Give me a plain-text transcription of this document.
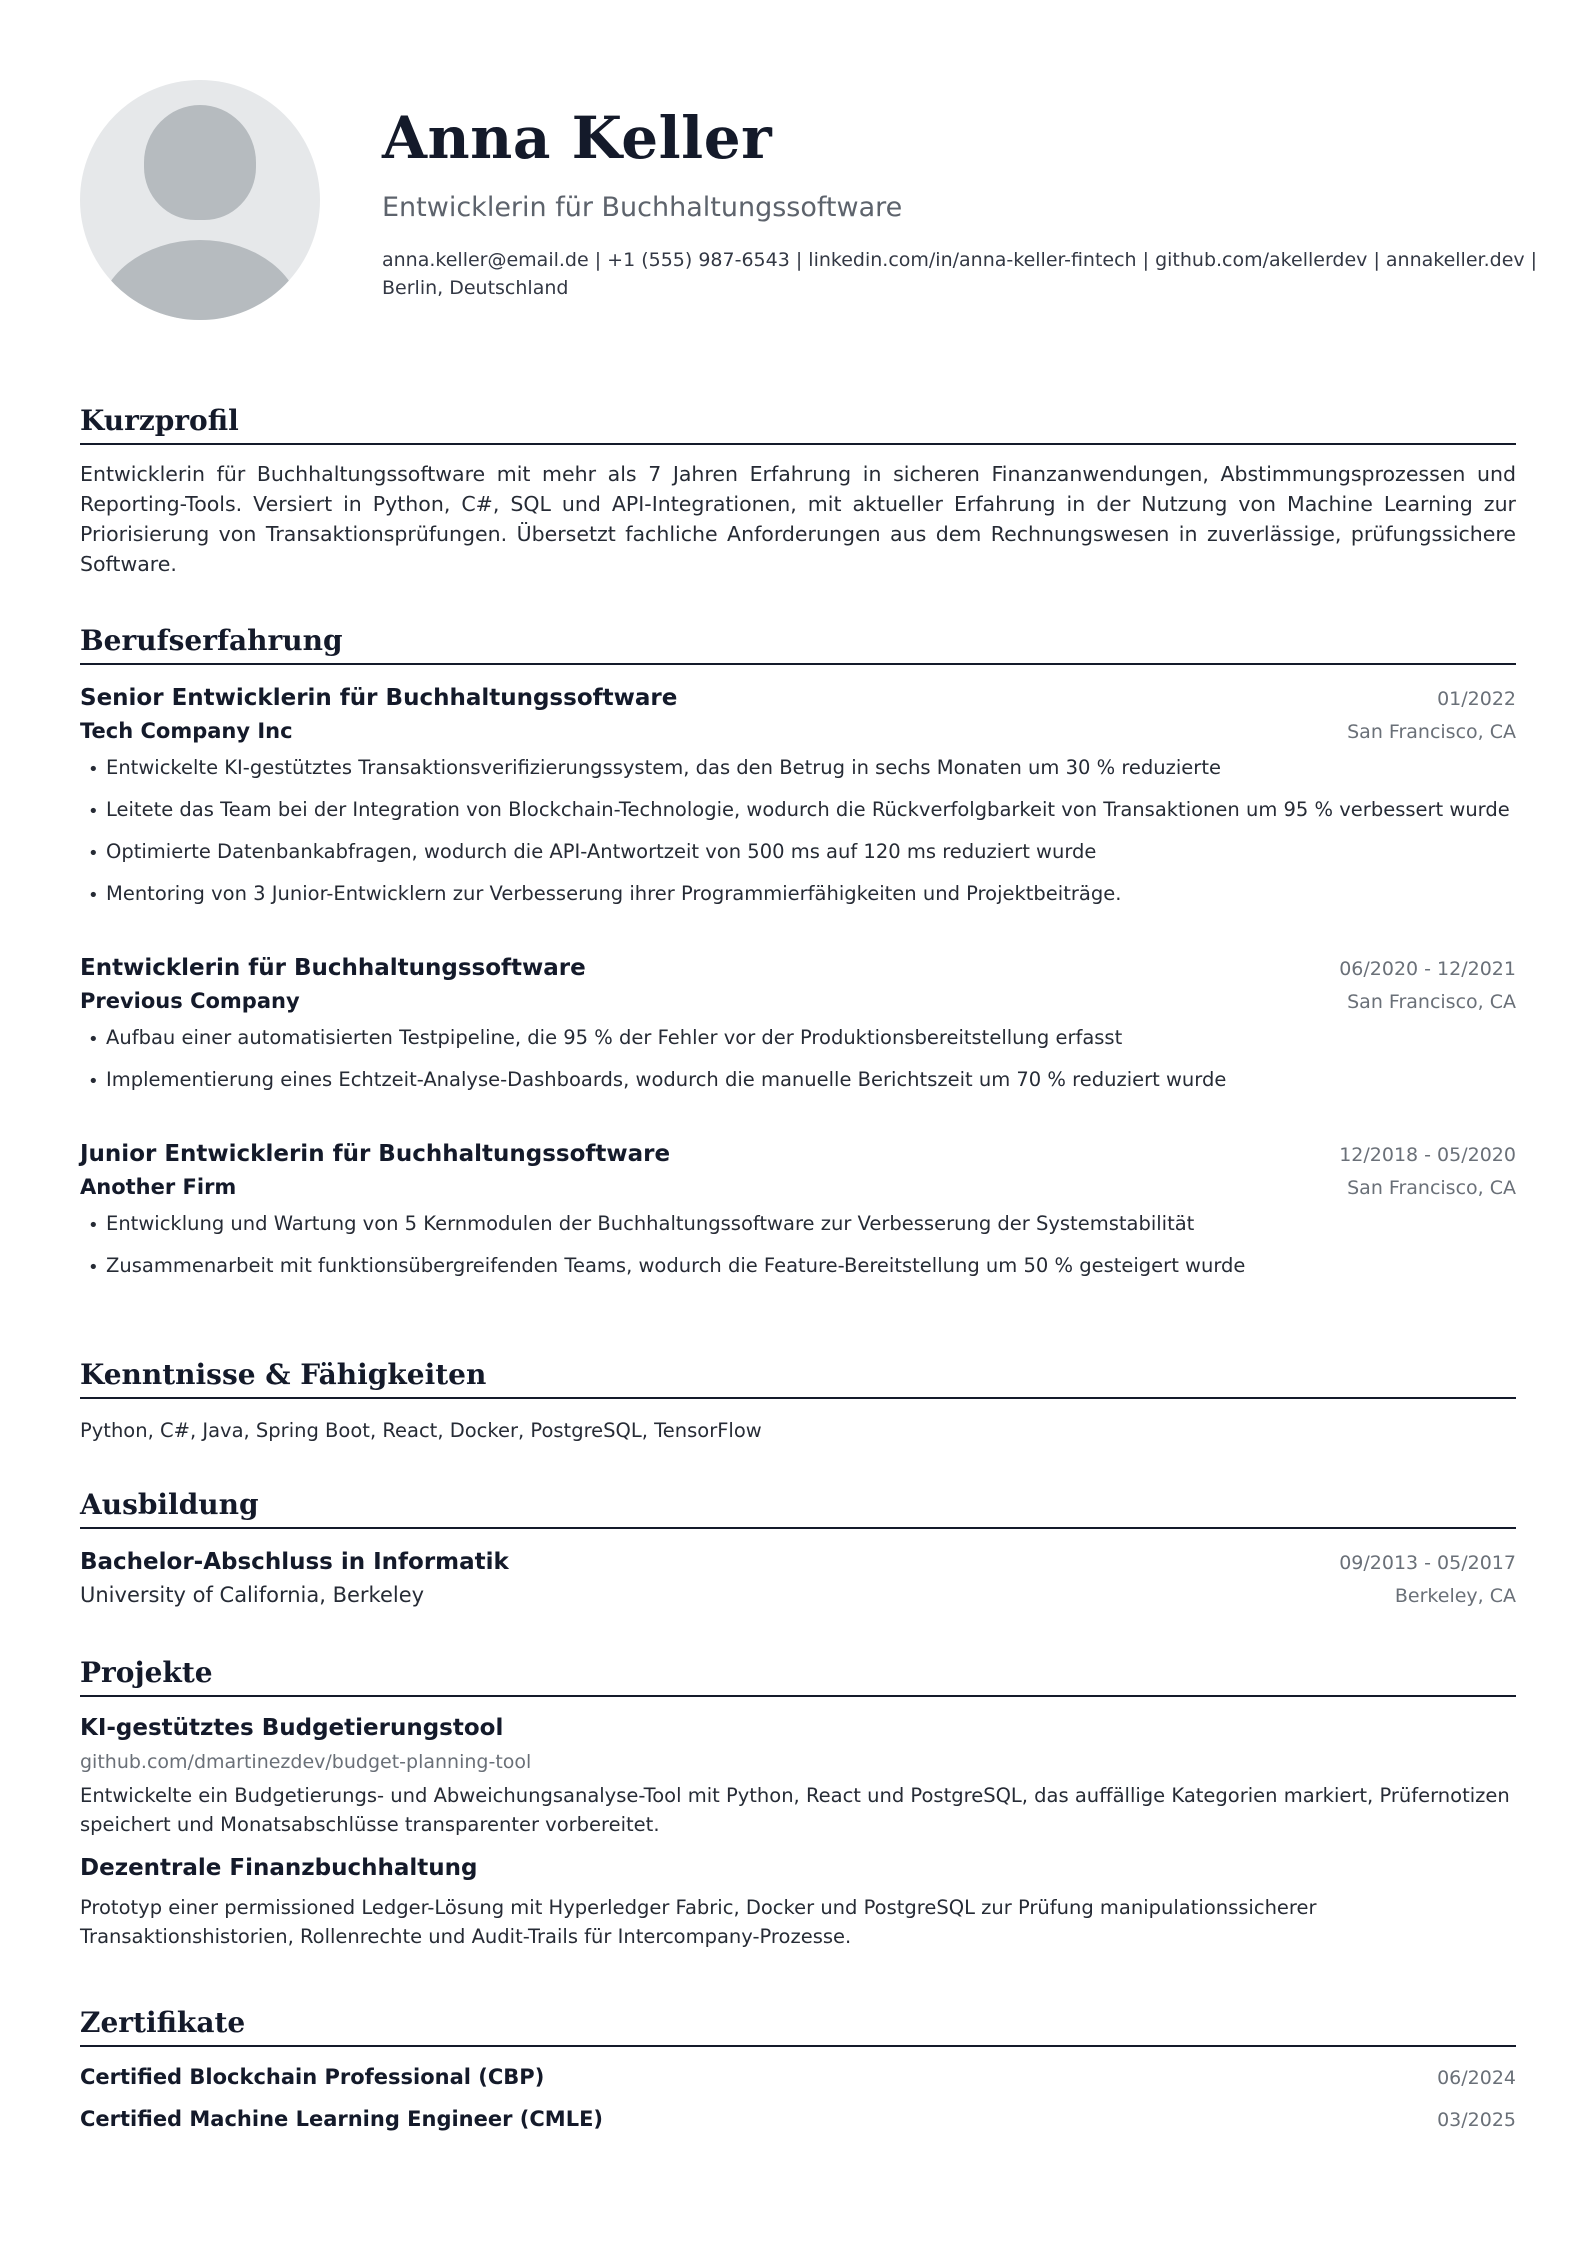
Anna Keller
Entwicklerin für Buchhaltungssoftware
anna.keller@email.de | +1 (555) 987-6543 | linkedin.com/in/anna-keller-fintech | github.com/akellerdev | annakeller.dev | Berlin, Deutschland
Kurzprofil
Entwicklerin für Buchhaltungssoftware mit mehr als 7 Jahren Erfahrung in sicheren Finanzanwendungen, Abstimmungsprozessen und Reporting-Tools. Versiert in Python, C#, SQL und API-Integrationen, mit aktueller Erfahrung in der Nutzung von Machine Learning zur Priorisierung von Transaktionsprüfungen. Übersetzt fachliche Anforderungen aus dem Rechnungswesen in zuverlässige, prüfungssichere Software.
Berufserfahrung
Senior Entwicklerin für Buchhaltungssoftware	01/2022
Tech Company Inc	San Francisco, CA
• Entwickelte KI-gestütztes Transaktionsverifizierungssystem, das den Betrug in sechs Monaten um 30 % reduzierte
• Leitete das Team bei der Integration von Blockchain-Technologie, wodurch die Rückverfolgbarkeit von Transaktionen um 95 % verbessert wurde
• Optimierte Datenbankabfragen, wodurch die API-Antwortzeit von 500 ms auf 120 ms reduziert wurde
• Mentoring von 3 Junior-Entwicklern zur Verbesserung ihrer Programmierfähigkeiten und Projektbeiträge.
Entwicklerin für Buchhaltungssoftware	06/2020 - 12/2021
Previous Company	San Francisco, CA
• Aufbau einer automatisierten Testpipeline, die 95 % der Fehler vor der Produktionsbereitstellung erfasst
• Implementierung eines Echtzeit-Analyse-Dashboards, wodurch die manuelle Berichtszeit um 70 % reduziert wurde
Junior Entwicklerin für Buchhaltungssoftware	12/2018 - 05/2020
Another Firm	San Francisco, CA
• Entwicklung und Wartung von 5 Kernmodulen der Buchhaltungssoftware zur Verbesserung der Systemstabilität
• Zusammenarbeit mit funktionsübergreifenden Teams, wodurch die Feature-Bereitstellung um 50 % gesteigert wurde
Kenntnisse & Fähigkeiten
Python, C#, Java, Spring Boot, React, Docker, PostgreSQL, TensorFlow
Ausbildung
Bachelor-Abschluss in Informatik	09/2013 - 05/2017
University of California, Berkeley	Berkeley, CA
Projekte
KI-gestütztes Budgetierungstool
github.com/dmartinezdev/budget-planning-tool
Entwickelte ein Budgetierungs- und Abweichungsanalyse-Tool mit Python, React und PostgreSQL, das auffällige Kategorien markiert, Prüfernotizen speichert und Monatsabschlüsse transparenter vorbereitet.
Dezentrale Finanzbuchhaltung
Prototyp einer permissioned Ledger-Lösung mit Hyperledger Fabric, Docker und PostgreSQL zur Prüfung manipulationssicherer Transaktionshistorien, Rollenrechte und Audit-Trails für Intercompany-Prozesse.
Zertifikate
Certified Blockchain Professional (CBP)	06/2024
Certified Machine Learning Engineer (CMLE)	03/2025
